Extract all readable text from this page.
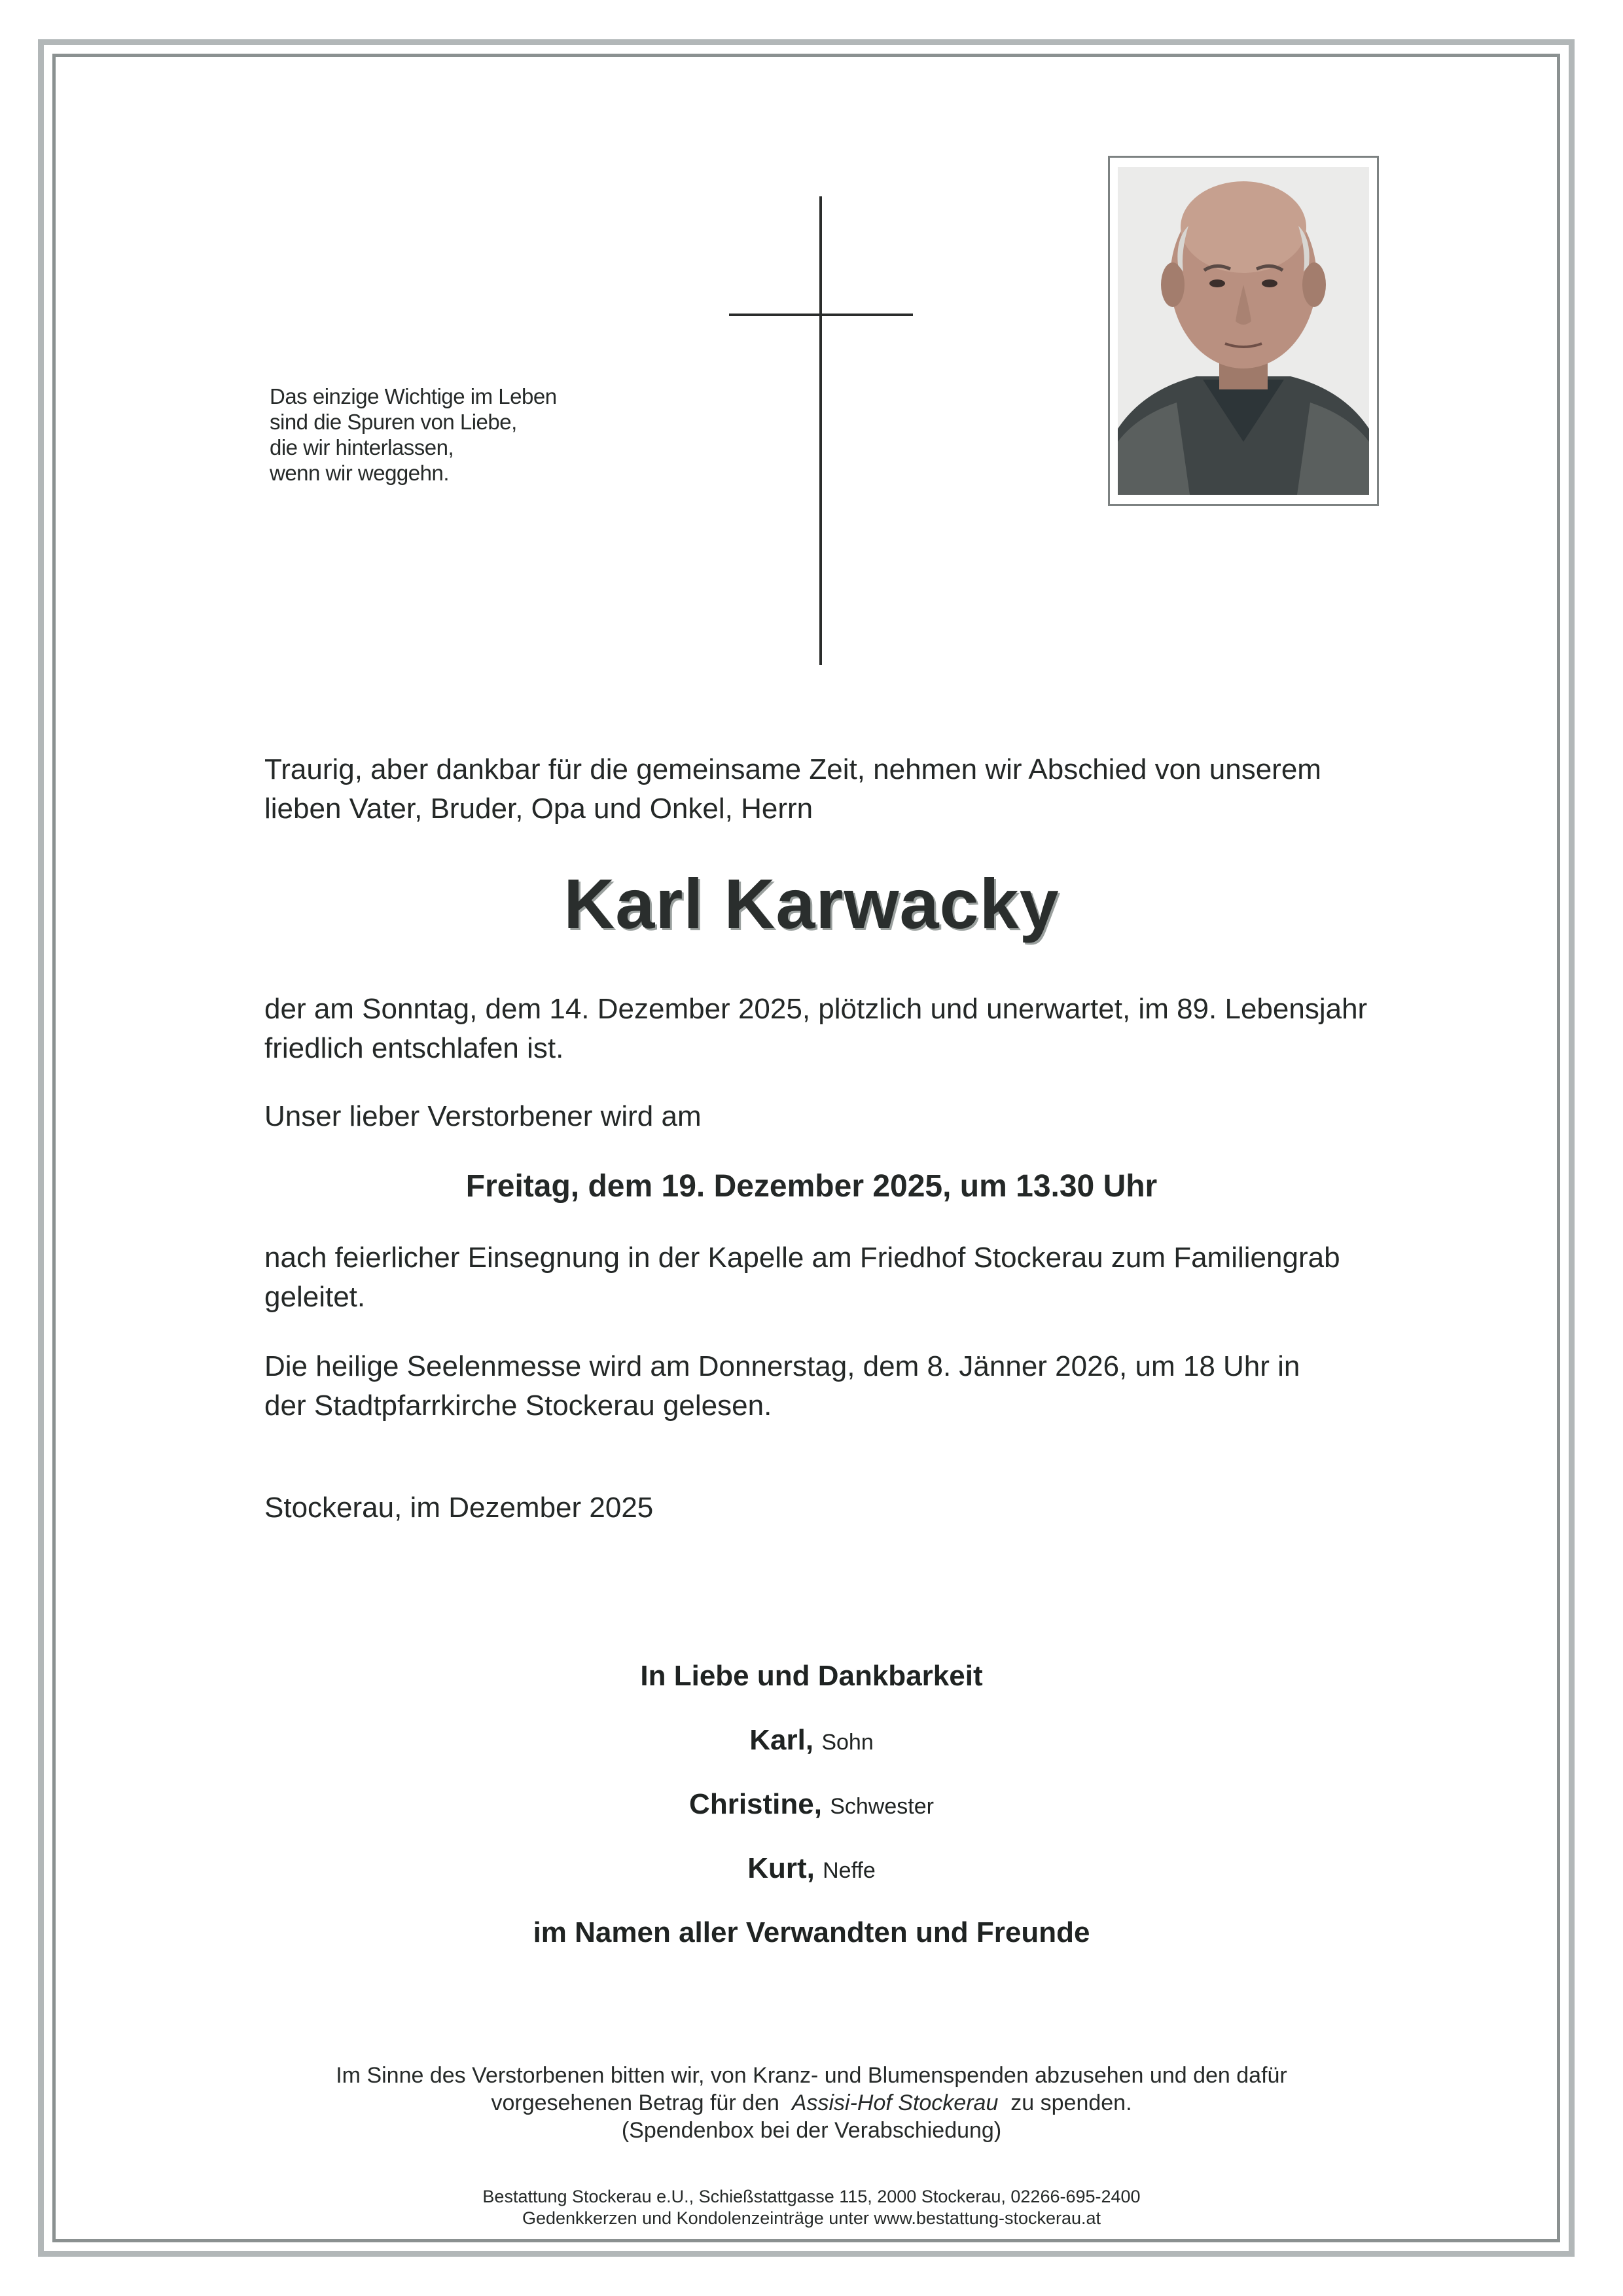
Das einzige Wichtige im Leben
sind die Spuren von Liebe,
die wir hinterlassen,
wenn wir weggehn.
Traurig, aber dankbar für die gemeinsame Zeit, nehmen wir Abschied von unserem
lieben Vater, Bruder, Opa und Onkel, Herrn
Karl Karwacky
der am Sonntag, dem 14. Dezember 2025, plötzlich und unerwartet, im 89. Lebensjahr
friedlich entschlafen ist.
Unser lieber Verstorbener wird am
Freitag, dem 19. Dezember 2025, um 13.30 Uhr
nach feierlicher Einsegnung in der Kapelle am Friedhof Stockerau zum Familiengrab
geleitet.
Die heilige Seelenmesse wird am Donnerstag, dem 8. Jänner 2026, um 18 Uhr in
der Stadtpfarrkirche Stockerau gelesen.
Stockerau, im Dezember 2025
In Liebe und Dankbarkeit
Karl, Sohn
Christine, Schwester
Kurt, Neffe
im Namen aller Verwandten und Freunde
Im Sinne des Verstorbenen bitten wir, von Kranz- und Blumenspenden abzusehen und den dafür
vorgesehenen Betrag für den Assisi-Hof Stockerau zu spenden.
(Spendenbox bei der Verabschiedung)
Bestattung Stockerau e.U., Schießstattgasse 115, 2000 Stockerau, 02266-695-2400
Gedenkkerzen und Kondolenzeinträge unter www.bestattung-stockerau.at
